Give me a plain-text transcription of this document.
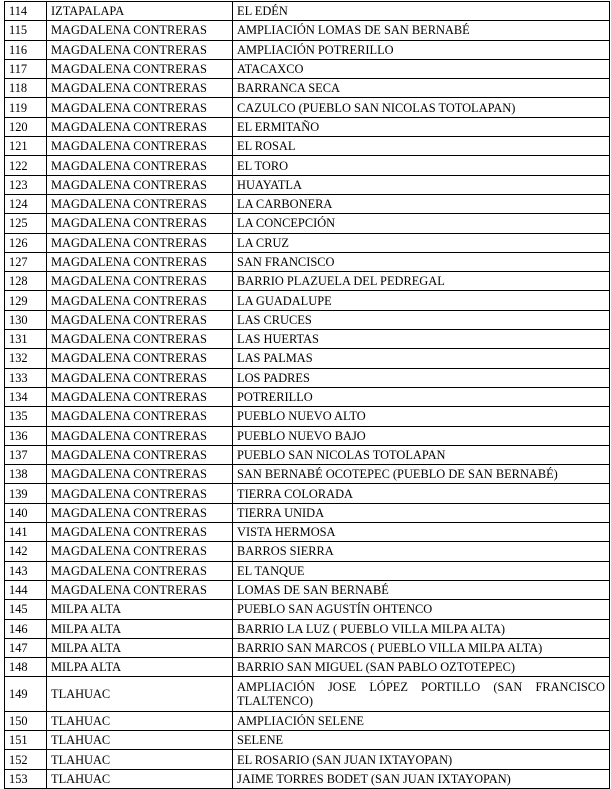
114	IZTAPALAPA	EL EDÉN
115	MAGDALENA CONTRERAS	AMPLIACIÓN LOMAS DE SAN BERNABÉ
116	MAGDALENA CONTRERAS	AMPLIACIÓN POTRERILLO
117	MAGDALENA CONTRERAS	ATACAXCO
118	MAGDALENA CONTRERAS	BARRANCA SECA
119	MAGDALENA CONTRERAS	CAZULCO (PUEBLO SAN NICOLAS TOTOLAPAN)
120	MAGDALENA CONTRERAS	EL ERMITAÑO
121	MAGDALENA CONTRERAS	EL ROSAL
122	MAGDALENA CONTRERAS	EL TORO
123	MAGDALENA CONTRERAS	HUAYATLA
124	MAGDALENA CONTRERAS	LA CARBONERA
125	MAGDALENA CONTRERAS	LA CONCEPCIÓN
126	MAGDALENA CONTRERAS	LA CRUZ
127	MAGDALENA CONTRERAS	SAN FRANCISCO
128	MAGDALENA CONTRERAS	BARRIO PLAZUELA DEL PEDREGAL
129	MAGDALENA CONTRERAS	LA GUADALUPE
130	MAGDALENA CONTRERAS	LAS CRUCES
131	MAGDALENA CONTRERAS	LAS HUERTAS
132	MAGDALENA CONTRERAS	LAS PALMAS
133	MAGDALENA CONTRERAS	LOS PADRES
134	MAGDALENA CONTRERAS	POTRERILLO
135	MAGDALENA CONTRERAS	PUEBLO NUEVO ALTO
136	MAGDALENA CONTRERAS	PUEBLO NUEVO BAJO
137	MAGDALENA CONTRERAS	PUEBLO SAN NICOLAS TOTOLAPAN
138	MAGDALENA CONTRERAS	SAN BERNABÉ OCOTEPEC (PUEBLO DE SAN BERNABÉ)
139	MAGDALENA CONTRERAS	TIERRA COLORADA
140	MAGDALENA CONTRERAS	TIERRA UNIDA
141	MAGDALENA CONTRERAS	VISTA HERMOSA
142	MAGDALENA CONTRERAS	BARROS SIERRA
143	MAGDALENA CONTRERAS	EL TANQUE
144	MAGDALENA CONTRERAS	LOMAS DE SAN BERNABÉ
145	MILPA ALTA	PUEBLO SAN AGUSTÍN OHTENCO
146	MILPA ALTA	BARRIO LA LUZ ( PUEBLO VILLA MILPA ALTA)
147	MILPA ALTA	BARRIO SAN MARCOS ( PUEBLO VILLA MILPA ALTA)
148	MILPA ALTA	BARRIO SAN MIGUEL (SAN PABLO OZTOTEPEC)
149	TLAHUAC	AMPLIACIÓN JOSE LÓPEZ PORTILLO (SAN FRANCISCO TLALTENCO)
150	TLAHUAC	AMPLIACIÓN SELENE
151	TLAHUAC	SELENE
152	TLAHUAC	EL ROSARIO (SAN JUAN IXTAYOPAN)
153	TLAHUAC	JAIME TORRES BODET (SAN JUAN IXTAYOPAN)
